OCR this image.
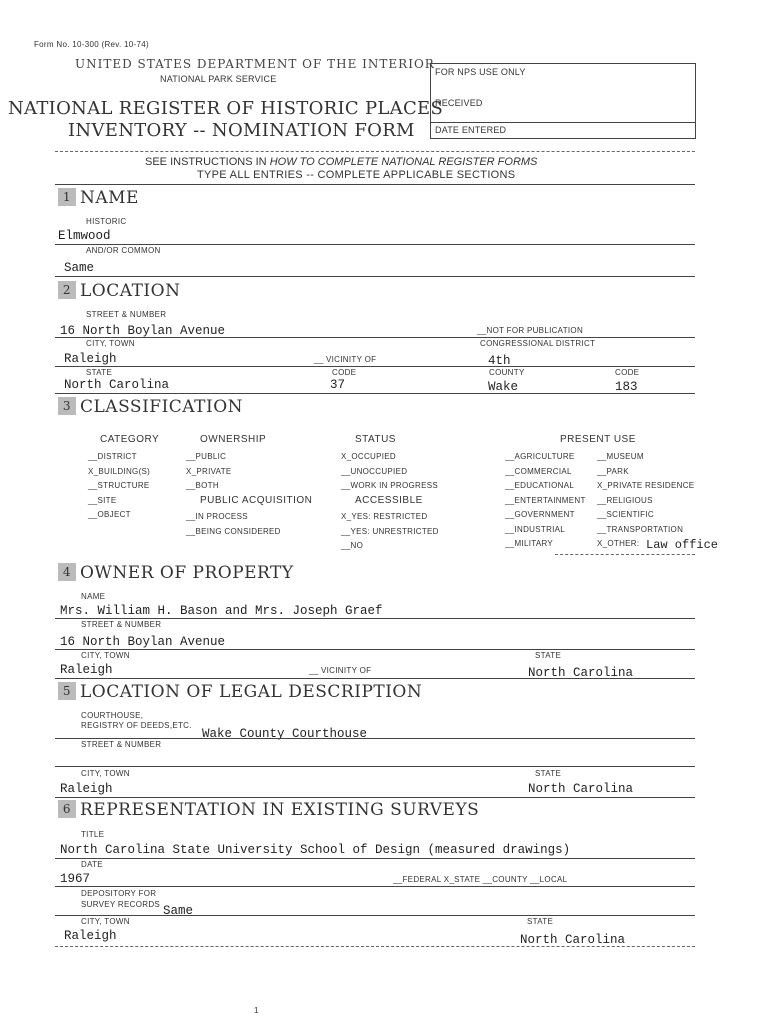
Form No. 10-300 (Rev. 10-74)
UNITED STATES DEPARTMENT OF THE INTERIOR
NATIONAL PARK SERVICE
NATIONAL REGISTER OF HISTORIC PLACES
INVENTORY -- NOMINATION FORM
FOR NPS USE ONLY
RECEIVED
DATE ENTERED
SEE INSTRUCTIONS IN HOW TO COMPLETE NATIONAL REGISTER FORMS
TYPE ALL ENTRIES -- COMPLETE APPLICABLE SECTIONS
1 NAME
HISTORIC
Elmwood
AND/OR COMMON
Same
2 LOCATION
STREET & NUMBER
16 North Boylan Avenue	__NOT FOR PUBLICATION
CITY, TOWN	CONGRESSIONAL DISTRICT
Raleigh	__ VICINITY OF	4th
STATE	CODE	COUNTY	CODE
North Carolina	37	Wake	183
3 CLASSIFICATION
CATEGORY
__DISTRICT
X_BUILDING(S)
__STRUCTURE
__SITE
__OBJECT
OWNERSHIP
__PUBLIC
X_PRIVATE
__BOTH
PUBLIC ACQUISITION
__IN PROCESS
__BEING CONSIDERED
STATUS
X_OCCUPIED
__UNOCCUPIED
__WORK IN PROGRESS
ACCESSIBLE
X_YES: RESTRICTED
__YES: UNRESTRICTED
__NO
PRESENT USE
__AGRICULTURE
__COMMERCIAL
__EDUCATIONAL
__ENTERTAINMENT
__GOVERNMENT
__INDUSTRIAL
__MILITARY
__MUSEUM
__PARK
X_PRIVATE RESIDENCE
__RELIGIOUS
__SCIENTIFIC
__TRANSPORTATION
X_OTHER: Law office
4 OWNER OF PROPERTY
NAME
Mrs. William H. Bason and Mrs. Joseph Graef
STREET & NUMBER
16 North Boylan Avenue
CITY, TOWN	STATE
Raleigh	__ VICINITY OF	North Carolina
5 LOCATION OF LEGAL DESCRIPTION
COURTHOUSE,
REGISTRY OF DEEDS,ETC.
Wake County Courthouse
STREET & NUMBER
CITY, TOWN	STATE
Raleigh	North Carolina
6 REPRESENTATION IN EXISTING SURVEYS
TITLE
North Carolina State University School of Design (measured drawings)
DATE
1967	__FEDERAL X_STATE __COUNTY __LOCAL
DEPOSITORY FOR
SURVEY RECORDS Same
CITY, TOWN	STATE
Raleigh	North Carolina
1
